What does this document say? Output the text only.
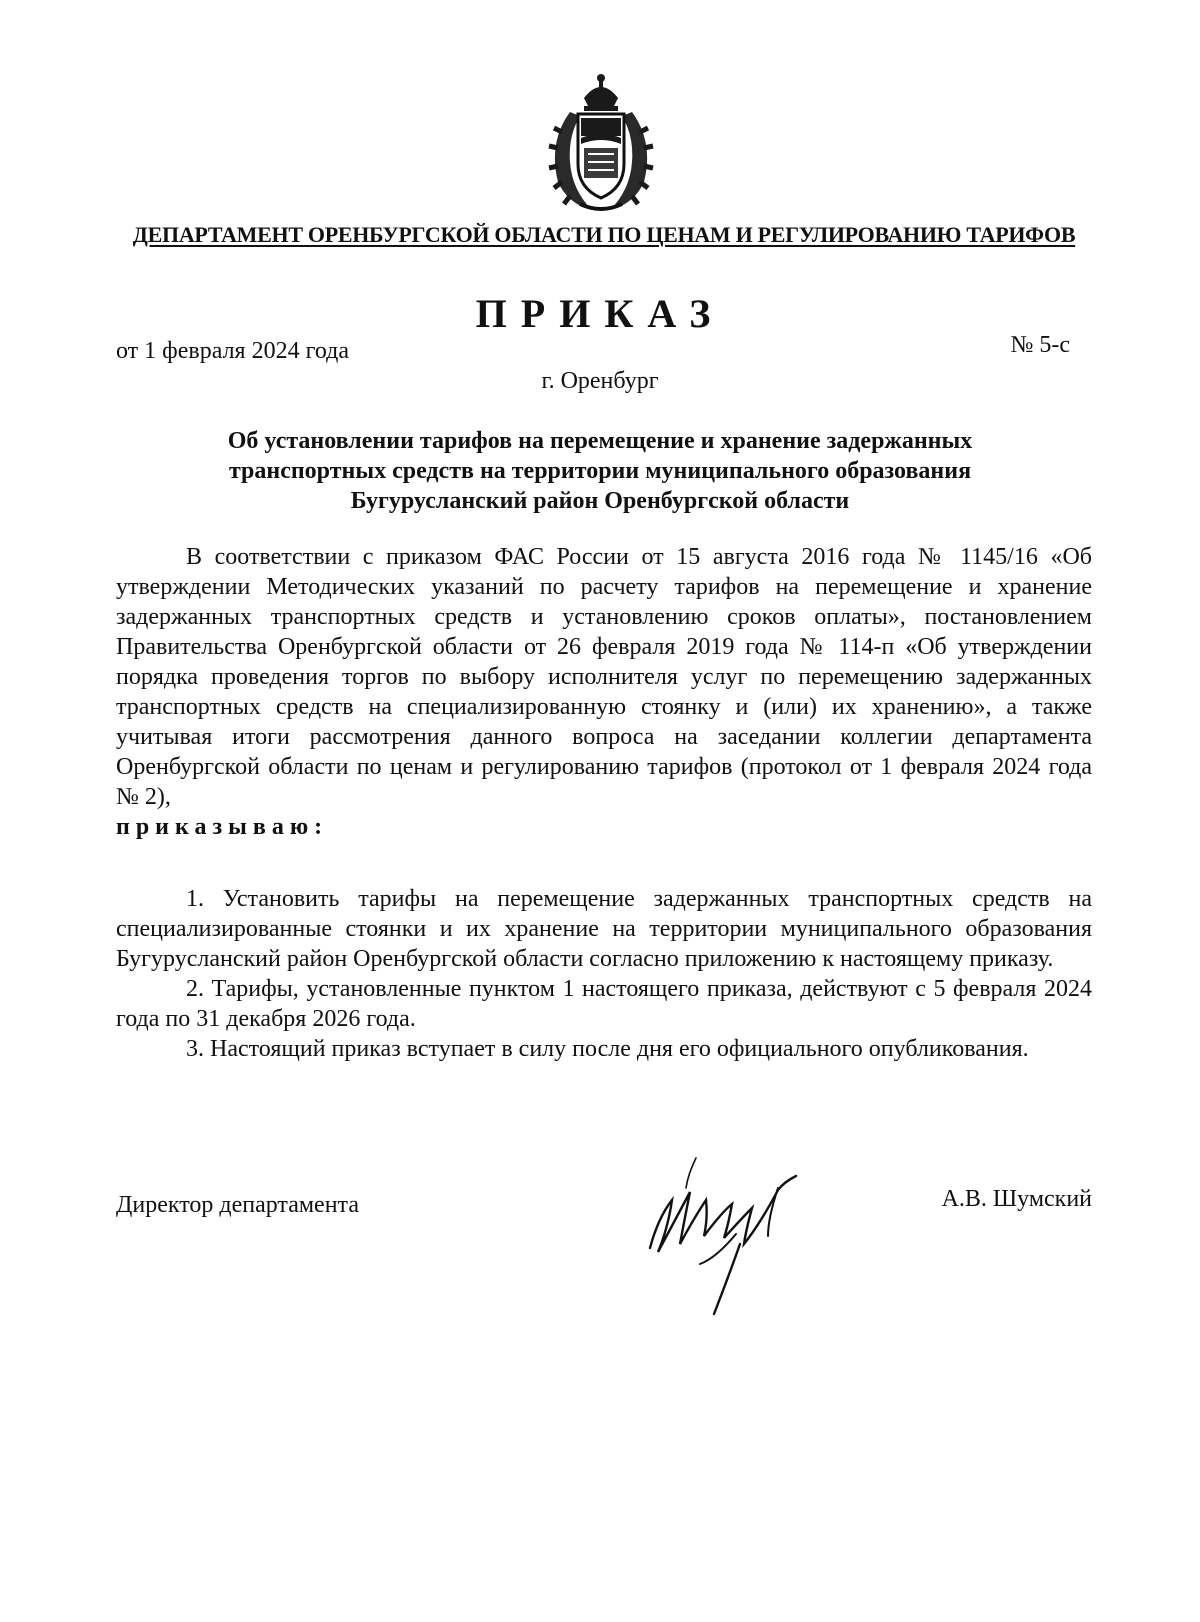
ДЕПАРТАМЕНТ ОРЕНБУРГСКОЙ ОБЛАСТИ ПО ЦЕНАМ И РЕГУЛИРОВАНИЮ ТАРИФОВ
ПРИКАЗ
от 1 февраля 2024 года	№ 5-с
г. Оренбург
Об установлении тарифов на перемещение и хранение задержанных транспортных средств на территории муниципального образования Бугурусланский район Оренбургской области

В соответствии с приказом ФАС России от 15 августа 2016 года № 1145/16 «Об утверждении Методических указаний по расчету тарифов на перемещение и хранение задержанных транспортных средств и установлению сроков оплаты», постановлением Правительства Оренбургской области от 26 февраля 2019 года № 114-п «Об утверждении порядка проведения торгов по выбору исполнителя услуг по перемещению задержанных транспортных средств на специализированную стоянку и (или) их хранению», а также учитывая итоги рассмотрения данного вопроса на заседании коллегии департамента Оренбургской области по ценам и регулированию тарифов (протокол от 1 февраля 2024 года № 2),

приказываю:

1. Установить тарифы на перемещение задержанных транспортных средств на специализированные стоянки и их хранение на территории муниципального образования Бугурусланский район Оренбургской области согласно приложению к настоящему приказу.

2. Тарифы, установленные пунктом 1 настоящего приказа, действуют с 5 февраля 2024 года по 31 декабря 2026 года.

3. Настоящий приказ вступает в силу после дня его официального опубликования.

Директор департамента	А.В. Шумский
